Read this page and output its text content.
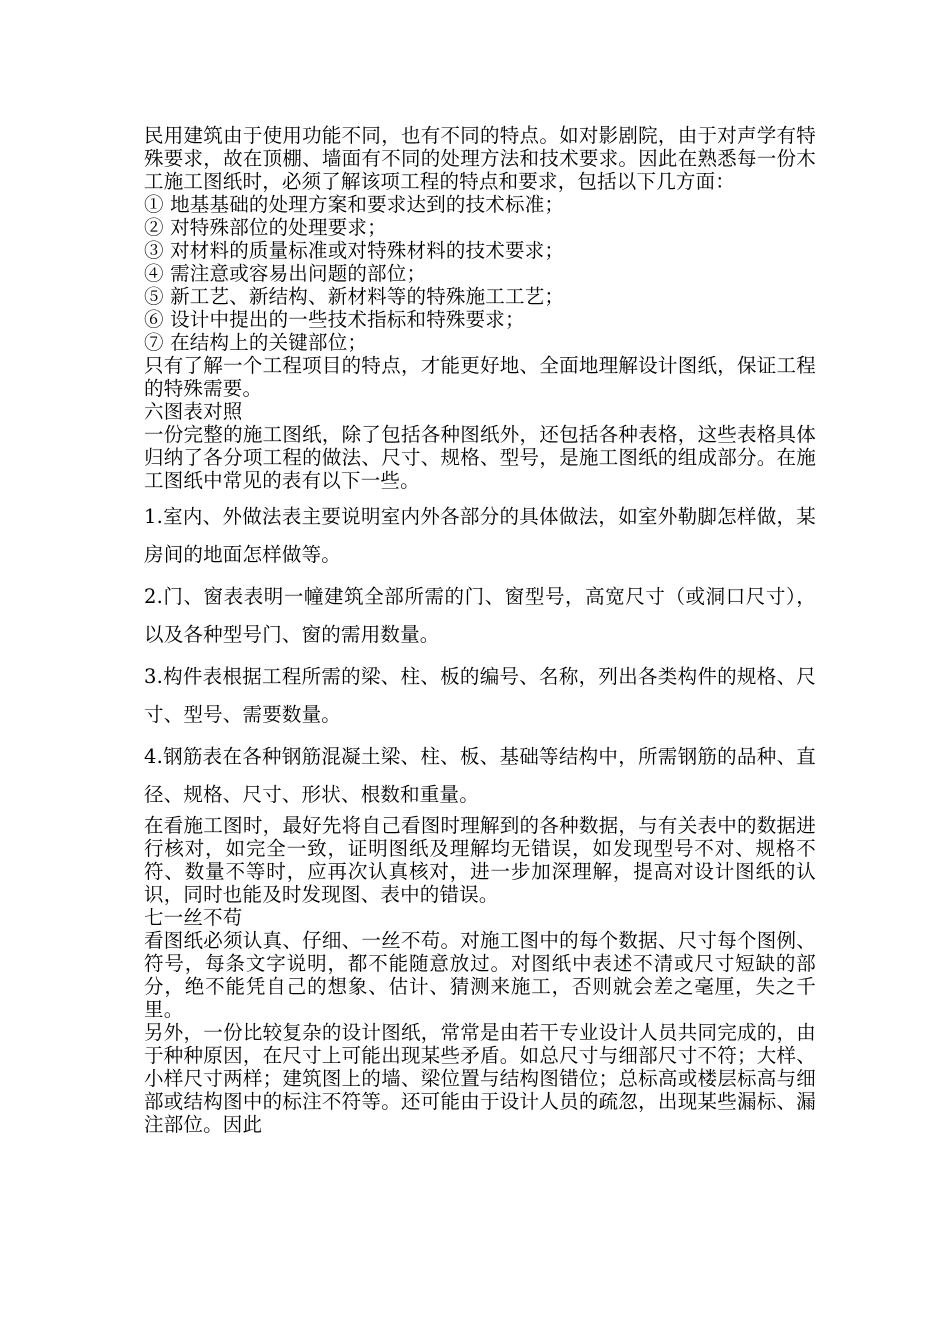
民用建筑由于使用功能不同，也有不同的特点。如对影剧院，由于对声学有特殊要求，故在顶棚、墙面有不同的处理方法和技术要求。因此在熟悉每一份木工施工图纸时，必须了解该项工程的特点和要求，包括以下几方面：

① 地基基础的处理方案和要求达到的技术标准；

② 对特殊部位的处理要求；

③ 对材料的质量标准或对特殊材料的技术要求；

④ 需注意或容易出问题的部位；

⑤ 新工艺、新结构、新材料等的特殊施工工艺；

⑥ 设计中提出的一些技术指标和特殊要求；

⑦ 在结构上的关键部位；

只有了解一个工程项目的特点，才能更好地、全面地理解设计图纸，保证工程的特殊需要。

六图表对照

一份完整的施工图纸，除了包括各种图纸外，还包括各种表格，这些表格具体归纳了各分项工程的做法、尺寸、规格、型号，是施工图纸的组成部分。在施工图纸中常见的表有以下一些。

1.室内、外做法表主要说明室内外各部分的具体做法，如室外勒脚怎样做，某房间的地面怎样做等。

2.门、窗表表明一幢建筑全部所需的门、窗型号，高宽尺寸（或洞口尺寸），以及各种型号门、窗的需用数量。

3.构件表根据工程所需的梁、柱、板的编号、名称，列出各类构件的规格、尺寸、型号、需要数量。

4.钢筋表在各种钢筋混凝土梁、柱、板、基础等结构中，所需钢筋的品种、直径、规格、尺寸、形状、根数和重量。

在看施工图时，最好先将自己看图时理解到的各种数据，与有关表中的数据进行核对，如完全一致，证明图纸及理解均无错误，如发现型号不对、规格不符、数量不等时，应再次认真核对，进一步加深理解，提高对设计图纸的认识，同时也能及时发现图、表中的错误。

七一丝不苟

看图纸必须认真、仔细、一丝不苟。对施工图中的每个数据、尺寸每个图例、符号，每条文字说明，都不能随意放过。对图纸中表述不清或尺寸短缺的部分，绝不能凭自己的想象、估计、猜测来施工，否则就会差之毫厘，失之千里。

另外，一份比较复杂的设计图纸，常常是由若干专业设计人员共同完成的，由于种种原因，在尺寸上可能出现某些矛盾。如总尺寸与细部尺寸不符；大样、小样尺寸两样；建筑图上的墙、梁位置与结构图错位；总标高或楼层标高与细部或结构图中的标注不符等。还可能由于设计人员的疏忽，出现某些漏标、漏注部位。因此
